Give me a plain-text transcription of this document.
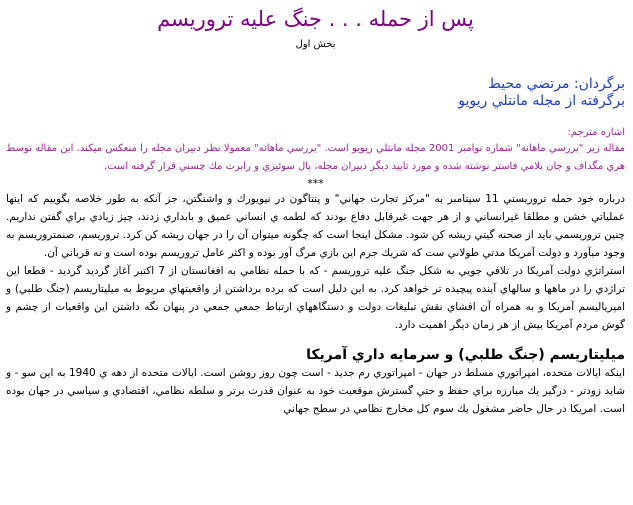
پس از حمله . . . جنگ علیه تروریسم
بخش اول
برگردان: مرتضي محيط
برگرفته از مجله مانتلي ريويو
اشاره مترجم:
مقاله زير "بررسي ماهانه" شماره نوامبر 2001 مجله مانتلي ريويو است. "بررسي ماهانه" معمولا نظر دبيران مجله را منعكس ميكند. اين مقاله توسط هري مگداف و جان بلامي فاستر نوشته شده و مورد تاييد ديگر دبيران مجله، پال سوئيزي و رابرت مك چسني قرار گرفته است.
***

درباره خود حمله تروريستي 11 سپتامبر به "مركز تجارت جهاني" و پنتاگون در نيويورك و واشنگتن، جز آنكه به طور خلاصه بگوييم كه اينها عملياتي خشن و مطلقا غيرانساني و از هر جهت غيرقابل دفاع بودند كه لطمه ي انساني عميق و بابداري زدند، چيز زيادي براي گفتن نداريم. چنين تروريسمي بايد از صحنه گيتي ريشه كن شود. مشكل اينجا است كه چگونه ميتوان آن را در جهان ريشه كن كرد. تروريسم، صنمتروريسم به وجود ميآورد و دولت آمريكا مدتي طولاني ست كه شريك جرم اين بازي مرگ آور بوده و اكثر عامل تروريسم بوده است و نه قرباني آن.

استراتژي دولت آمريكا در تلافي جويي به شكل جنگ عليه تروريسم - كه با حمله نظامي به افغانستان از 7 اكتبر آغاز گرديد گرديد - قطعا اين تراژدي را در ماهها و سالهاي آينده پيچيده تر خواهد كرد. به اين دليل است كه برده برداشتن از واقعيتهاي مربوط به ميليتاريسم (جنگ طلبي) و امپرياليسم آمريكا و به همراه آن افشاي نقش تبليغات دولت و دستگاههاي ارتباط جمعي جمعي در پنهان نگه داشتن اين واقعيات از چشم و گوش مردم آمريكا بيش از هر زمان ديگر اهميت دارد.

ميليتاريسم (جنگ طلبي) و سرمايه داري آمريكا

اينكه ايالات متحده، امپراتوري مسلط در جهان - امپراتوري رم جديد - است چون روز روشن است. ايالات متحده از دهه ي 1940 به اين سو - و شايد زودتر - درگير يك مبارزه براي حفظ و حتي گسترش موقعيت خود به عنوان قدرت برتر و سلطه نظامي، اقتصادي و سياسي در جهان بوده است. امريكا در حال حاضر مشغول يك سوم كل مخارج نظامي در سطح جهاني
